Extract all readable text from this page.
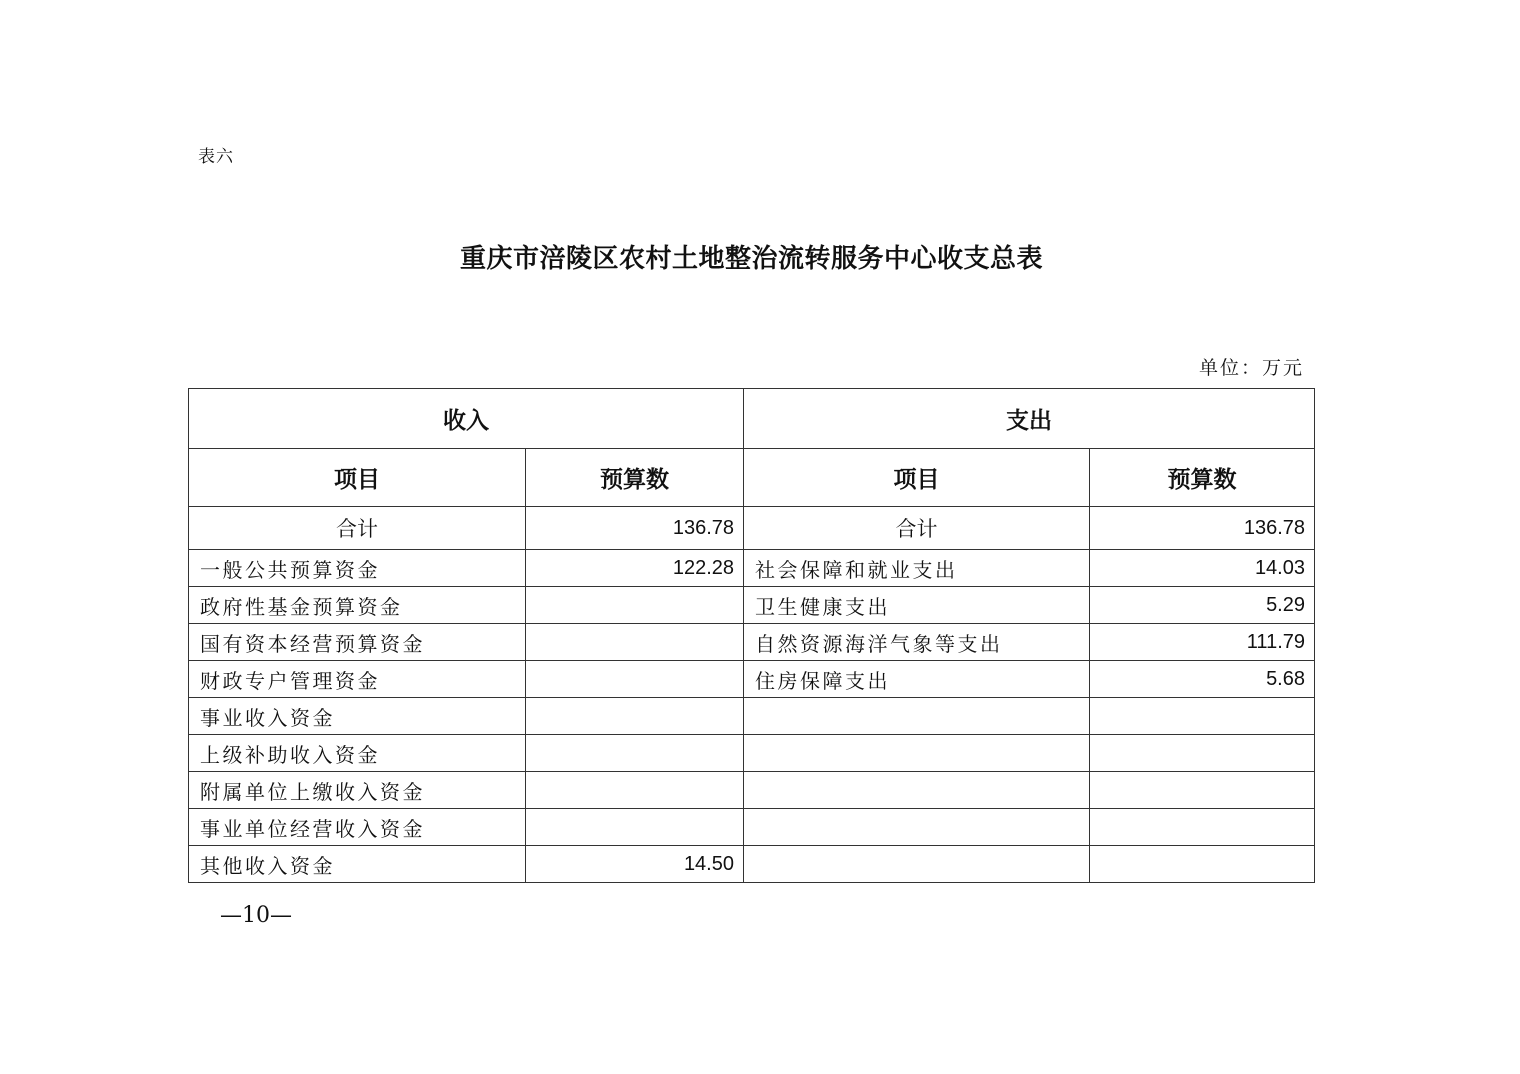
表六
重庆市涪陵区农村土地整治流转服务中心收支总表
单位：万元
收入		支出	
项目	预算数	项目	预算数
合计	136.78	合计	136.78
一般公共预算资金	122.28	社会保障和就业支出	14.03
政府性基金预算资金		卫生健康支出	5.29
国有资本经营预算资金		自然资源海洋气象等支出	111.79
财政专户管理资金		住房保障支出	5.68
事业收入资金			
上级补助收入资金			
附属单位上缴收入资金			
事业单位经营收入资金			
其他收入资金	14.50		
—10—
